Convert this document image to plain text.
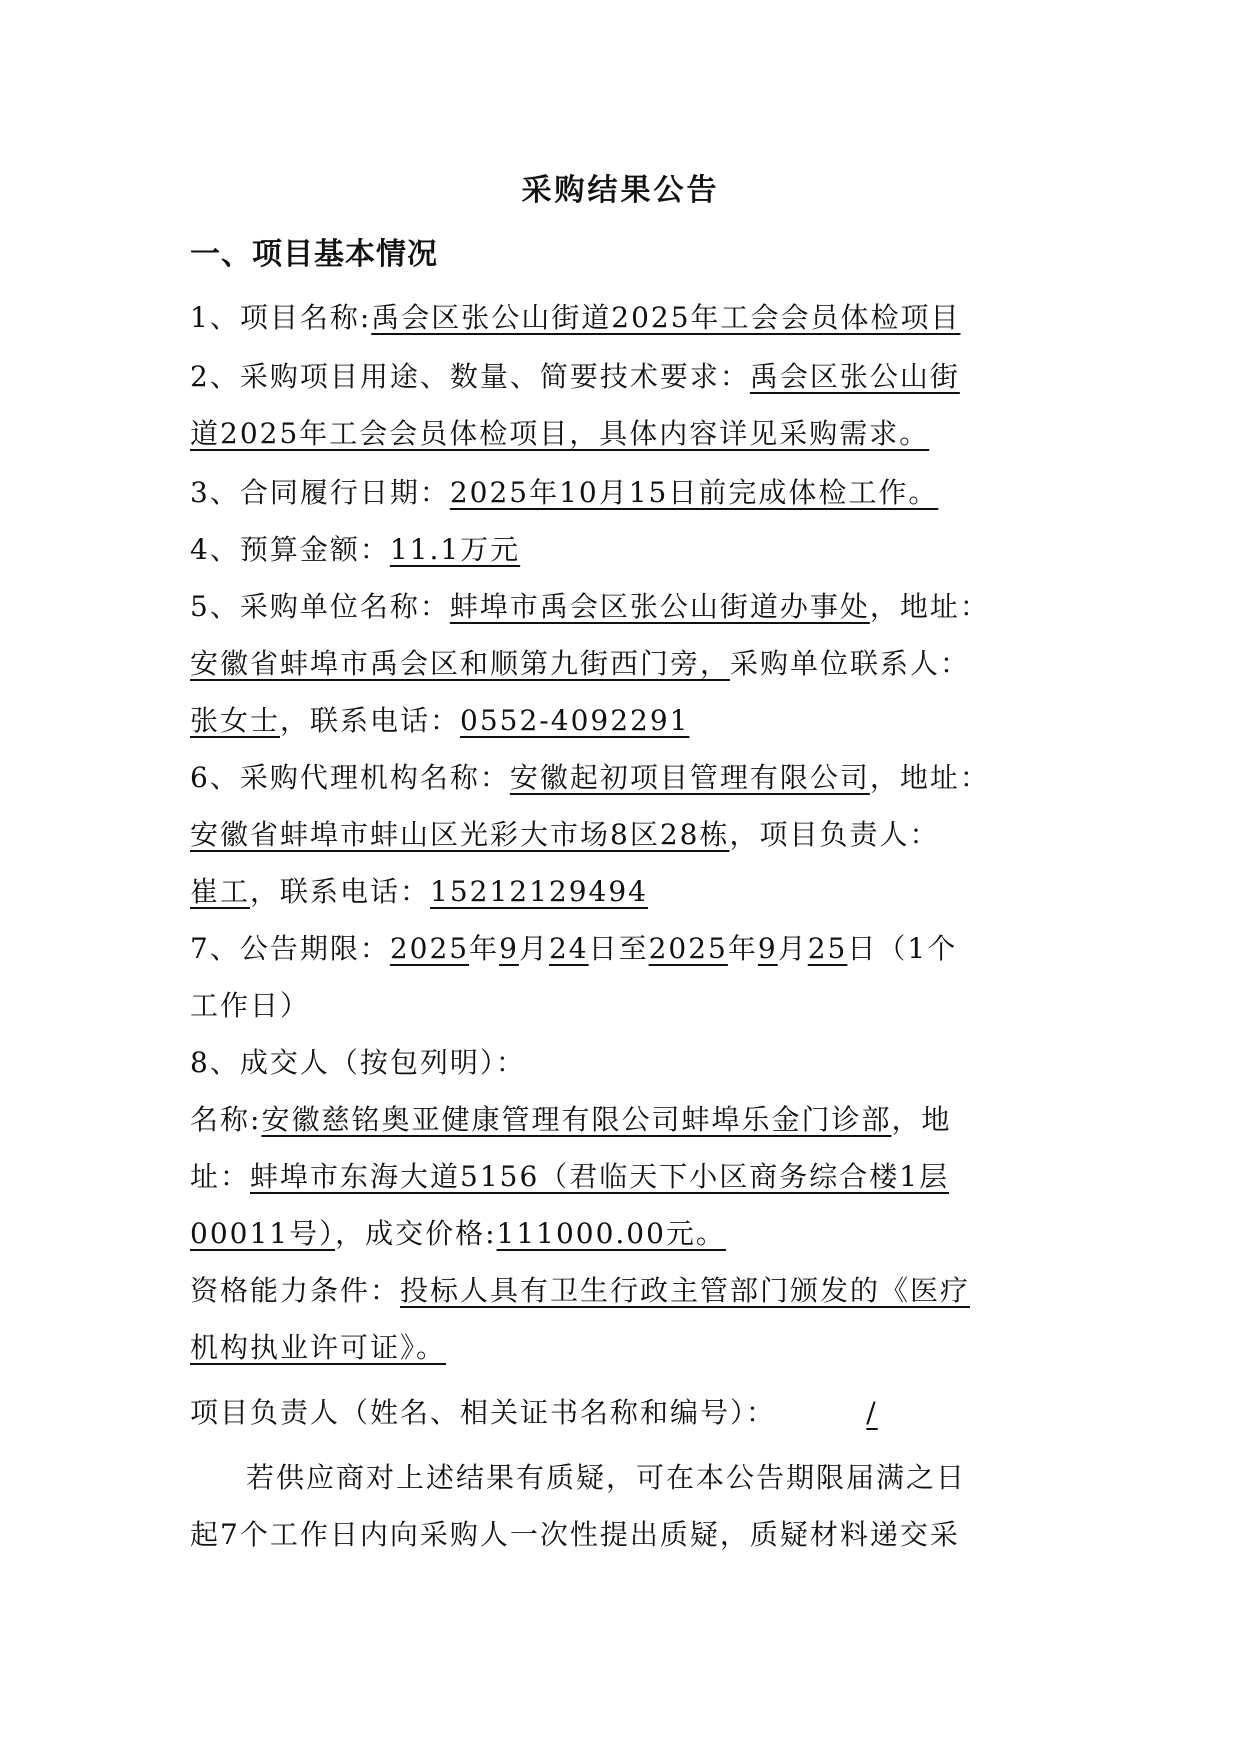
采购结果公告
一、项目基本情况
1、项目名称:禹会区张公山街道2025年工会会员体检项目
2、采购项目用途、数量、简要技术要求：禹会区张公山街
道2025年工会会员体检项目，具体内容详见采购需求。
3、合同履行日期：2025年10月15日前完成体检工作。
4、预算金额：11.1万元
5、采购单位名称：蚌埠市禹会区张公山街道办事处，地址：
安徽省蚌埠市禹会区和顺第九街西门旁，采购单位联系人：
张女士，联系电话：0552-4092291
6、采购代理机构名称：安徽起初项目管理有限公司，地址：
安徽省蚌埠市蚌山区光彩大市场8区28栋，项目负责人：
崔工，联系电话：15212129494
7、公告期限：2025年9月24日至2025年9月25日（1个
工作日）
8、成交人（按包列明）：
名称:安徽慈铭奥亚健康管理有限公司蚌埠乐金门诊部，地
址：蚌埠市东海大道5156（君临天下小区商务综合楼1层
00011号），成交价格:111000.00元。
资格能力条件：投标人具有卫生行政主管部门颁发的《医疗
机构执业许可证》。
项目负责人（姓名、相关证书名称和编号）：	/
若供应商对上述结果有质疑，可在本公告期限届满之日
起7个工作日内向采购人一次性提出质疑，质疑材料递交采
